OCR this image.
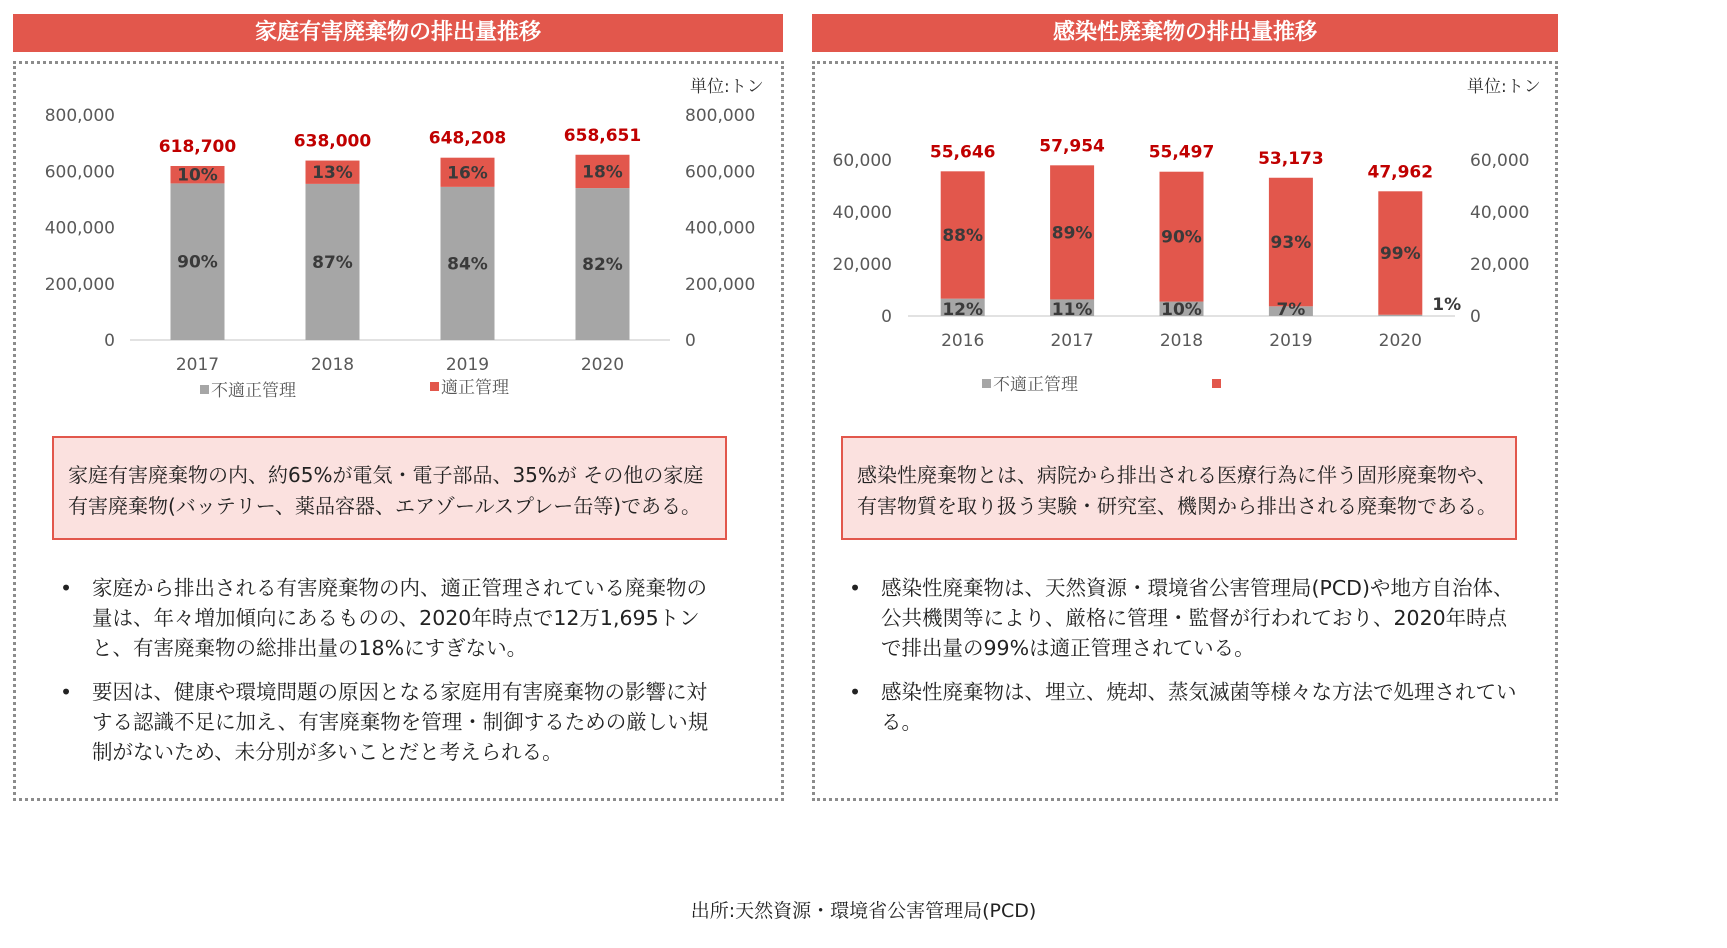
家庭有害廃棄物の排出量推移
単位:トン
0	0
200,000	200,000
400,000	400,000
600,000	600,000
800,000	800,000
618,700
90%
10%
2017
638,000
87%
13%
2018
648,208
84%
16%
2019
658,651
82%
18%
2020
不適正管理	適正管理
家庭有害廃棄物の内、約65%が電気・電子部品、35%が その他の家庭有害廃棄物(バッテリー、薬品容器、エアゾールスプレー缶等)である。
• 家庭から排出される有害廃棄物の内、適正管理されている廃棄物の量は、年々増加傾向にあるものの、2020年時点で12万1,695トンと、有害廃棄物の総排出量の18%にすぎない。
• 要因は、健康や環境問題の原因となる家庭用有害廃棄物の影響に対する認識不足に加え、有害廃棄物を管理・制御するための厳しい規制がないため、未分別が多いことだと考えられる。
感染性廃棄物の排出量推移
単位:トン
0	0
20,000	20,000
40,000	40,000
60,000	60,000
55,646
12%
88%
2016
57,954
11%
89%
2017
55,497
10%
90%
2018
53,173
7%
93%
2019
47,962
1%
99%
2020
不適正管理
感染性廃棄物とは、病院から排出される医療行為に伴う固形廃棄物や、有害物質を取り扱う実験・研究室、機関から排出される廃棄物である。
• 感染性廃棄物は、天然資源・環境省公害管理局(PCD)や地方自治体、公共機関等により、厳格に管理・監督が行われており、2020年時点で排出量の99%は適正管理されている。
• 感染性廃棄物は、埋立、焼却、蒸気滅菌等様々な方法で処理されている。
出所:天然資源・環境省公害管理局(PCD)
